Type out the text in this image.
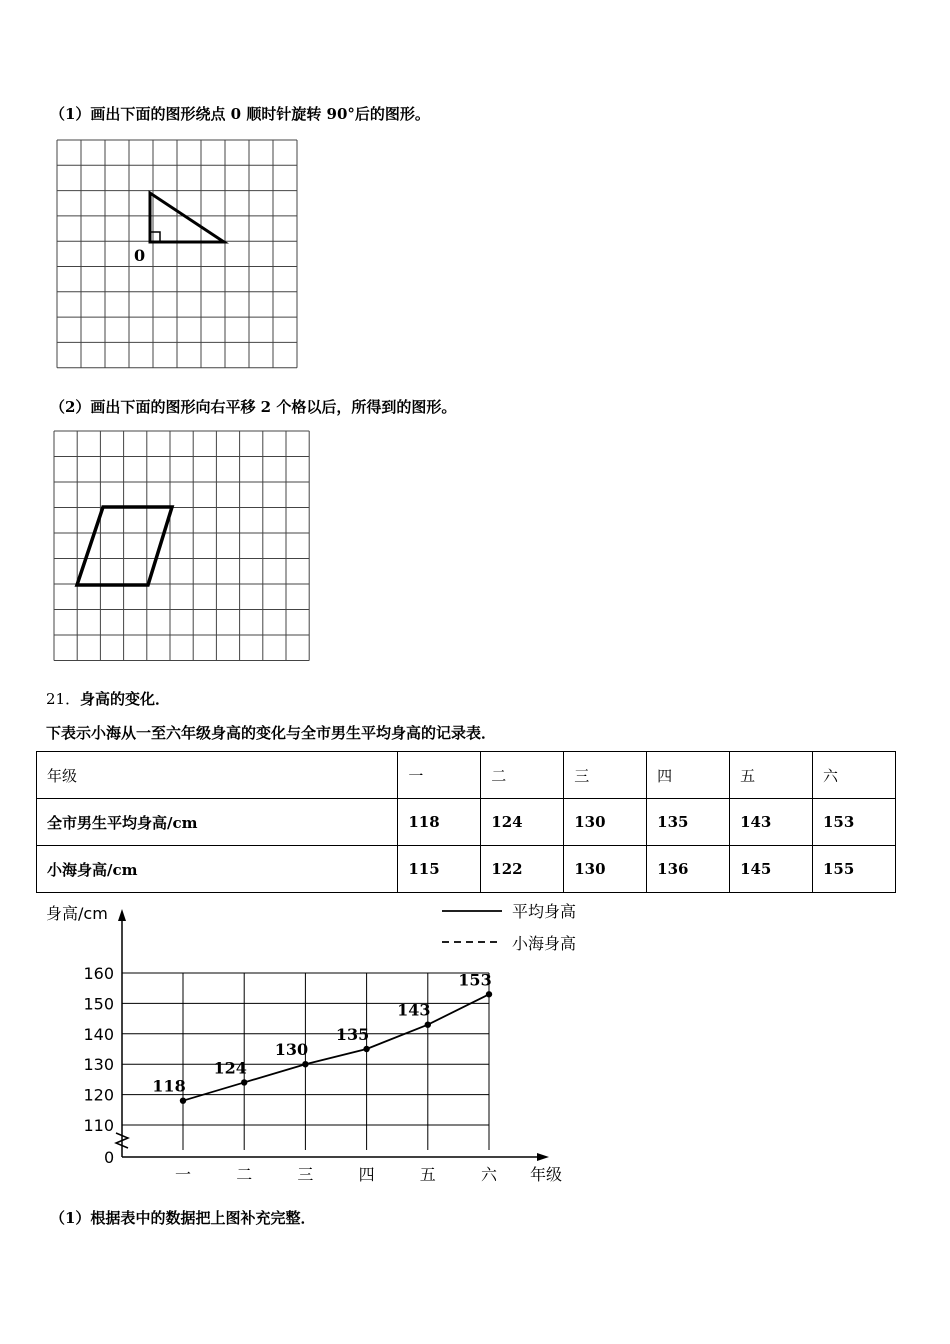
（1）画出下面的图形绕点 0 顺时针旋转 90°后的图形。
0
（2）画出下面的图形向右平移 2 个格以后，所得到的图形。
21． 身高的变化．
下表示小海从一至六年级身高的变化与全市男生平均身高的记录表．
年级	一	二	三	四	五	六
全市男生平均身高/cm	118	124	130	135	143	153
小海身高/cm	115	122	130	136	145	155
身高/cm
年级
平均身高
小海身高
160
150
140
130
120
110
一	二	三	四	五	六
0
118
124
130
135
143
153
（1）根据表中的数据把上图补充完整．
